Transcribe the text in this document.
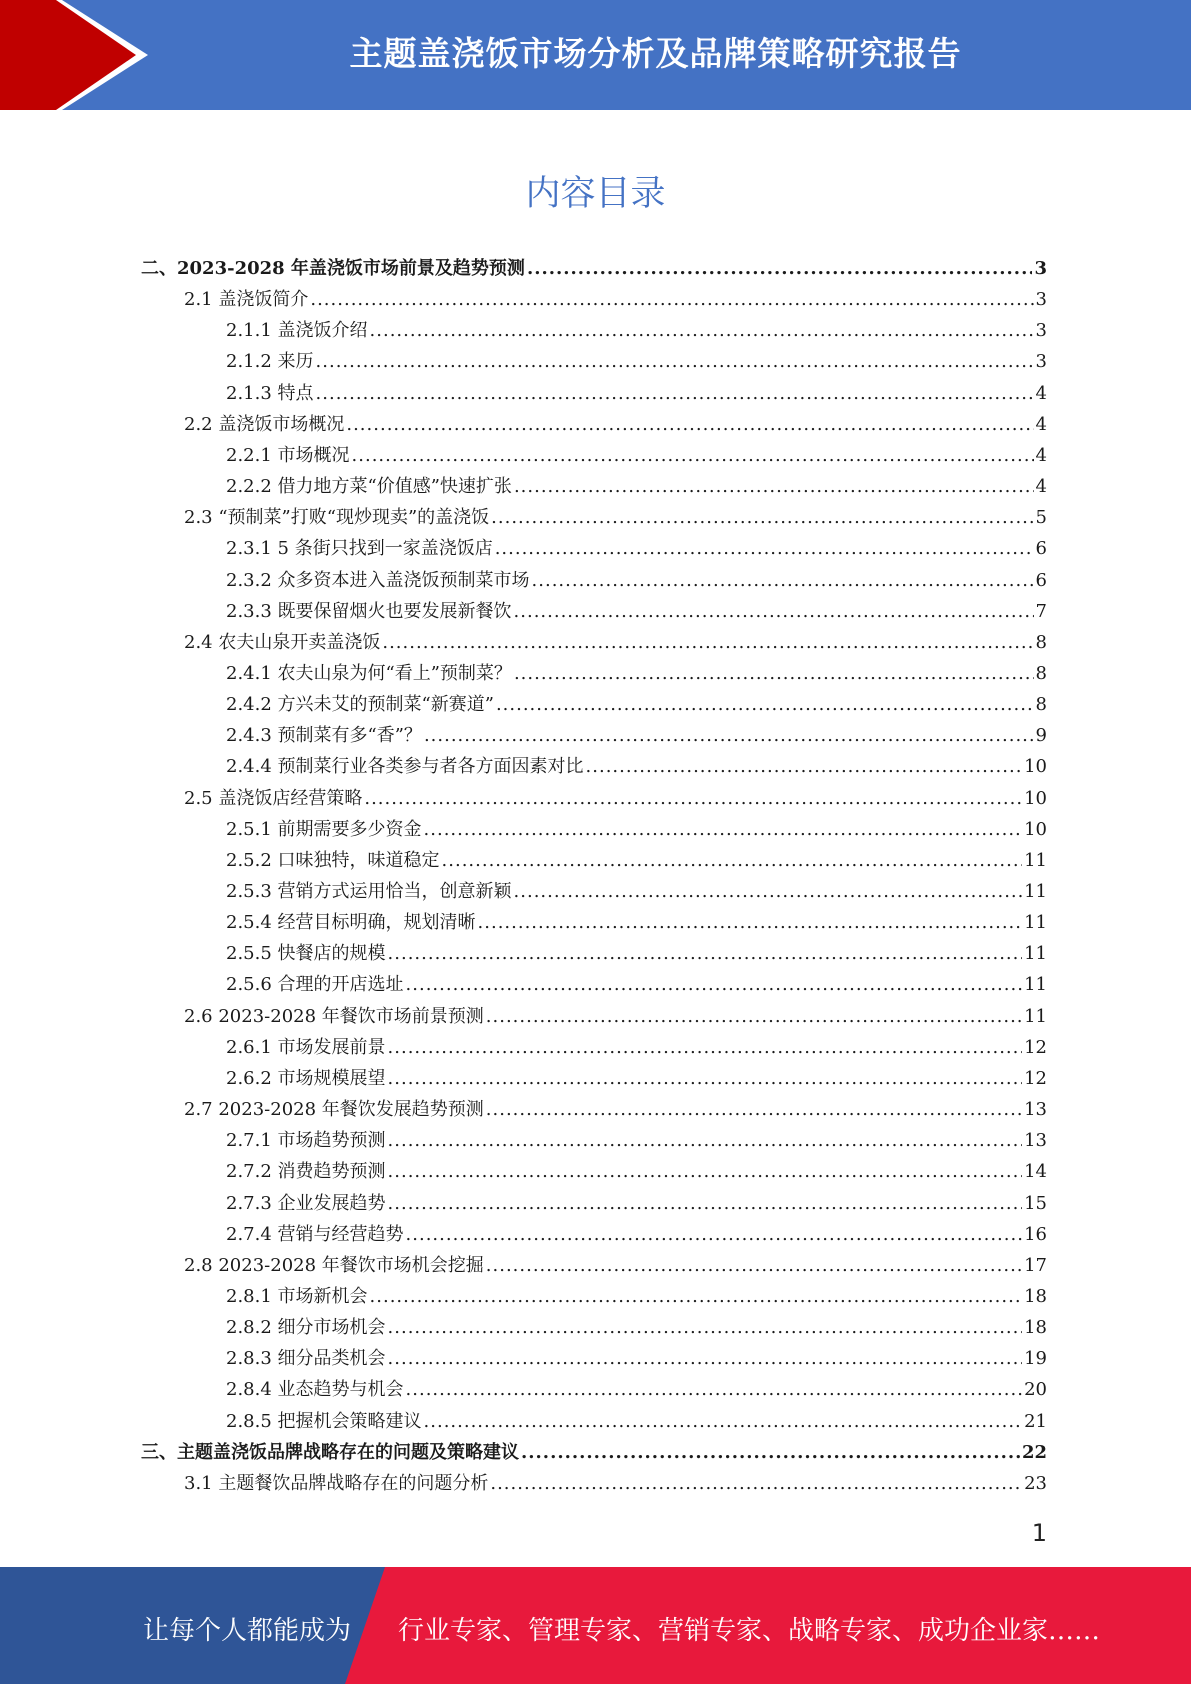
主题盖浇饭市场分析及品牌策略研究报告
内容目录
二、2023-2028 年盖浇饭市场前景及趋势预测 .....	3
2.1 盖浇饭简介 .....	3
2.1.1 盖浇饭介绍 .....	3
2.1.2 来历 .....	3
2.1.3 特点 .....	4
2.2 盖浇饭市场概况 .....	4
2.2.1 市场概况 .....	4
2.2.2 借力地方菜“价值感”快速扩张 .....	4
2.3 “预制菜”打败“现炒现卖”的盖浇饭 .....	5
2.3.1 5 条街只找到一家盖浇饭店 .....	6
2.3.2 众多资本进入盖浇饭预制菜市场 .....	6
2.3.3 既要保留烟火也要发展新餐饮 .....	7
2.4 农夫山泉开卖盖浇饭 .....	8
2.4.1 农夫山泉为何“看上”预制菜？ .....	8
2.4.2 方兴未艾的预制菜“新赛道” .....	8
2.4.3 预制菜有多“香”？ .....	9
2.4.4 预制菜行业各类参与者各方面因素对比 .....	10
2.5 盖浇饭店经营策略 .....	10
2.5.1 前期需要多少资金 .....	10
2.5.2 口味独特，味道稳定 .....	11
2.5.3 营销方式运用恰当，创意新颖 .....	11
2.5.4 经营目标明确，规划清晰 .....	11
2.5.5 快餐店的规模 .....	11
2.5.6 合理的开店选址 .....	11
2.6 2023-2028 年餐饮市场前景预测 .....	11
2.6.1 市场发展前景 .....	12
2.6.2 市场规模展望 .....	12
2.7 2023-2028 年餐饮发展趋势预测 .....	13
2.7.1 市场趋势预测 .....	13
2.7.2 消费趋势预测 .....	14
2.7.3 企业发展趋势 .....	15
2.7.4 营销与经营趋势 .....	16
2.8 2023-2028 年餐饮市场机会挖掘 .....	17
2.8.1 市场新机会 .....	18
2.8.2 细分市场机会 .....	18
2.8.3 细分品类机会 .....	19
2.8.4 业态趋势与机会 .....	20
2.8.5 把握机会策略建议 .....	21
三、主题盖浇饭品牌战略存在的问题及策略建议 .....	22
3.1 主题餐饮品牌战略存在的问题分析 .....	23
1
让每个人都能成为 行业专家、管理专家、营销专家、战略专家、成功企业家……
